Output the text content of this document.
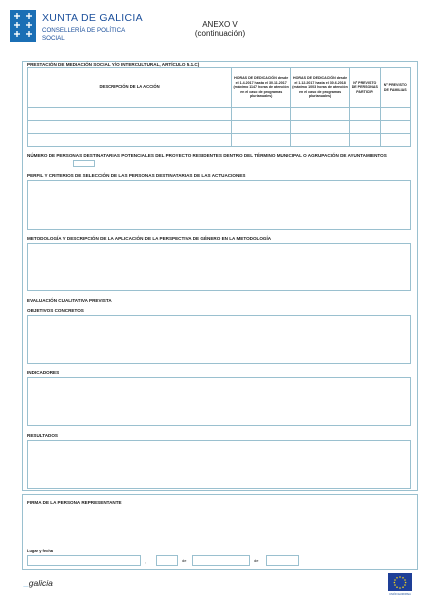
XUNTA DE GALICIA
CONSELLERÍA DE POLÍTICA
SOCIAL
ANEXO V
(continuación)
PRESTACIÓN DE MEDIACIÓN SOCIAL Y/O INTERCULTURAL, ARTÍCULO 5.1.C)
DESCRIPCIÓN DE LA ACCIÓN	HORAS DE DEDICACIÓN desde el 1.4.2017 hasta el 30.11.2017 (máximo 1147 horas de atención en el caso de programas plurianuales)	HORAS DE DEDICACIÓN desde el 1.12.2017 hasta el 30.6.2018 (máximo 1003 horas de atención en el caso de programas plurianuales)	Nº PREVISTO DE PERSONAS PARTICIP.	Nº PREVISTO DE FAMILIAS

NÚMERO DE PERSONAS DESTINATARIAS POTENCIALES DEL PROYECTO RESIDENTES DENTRO DEL TÉRMINO MUNICIPAL O AGRUPACIÓN DE AYUNTAMIENTOS
PERFIL Y CRITERIOS DE SELECCIÓN DE LAS PERSONAS DESTINATARIAS DE LAS ACTUACIONES
METODOLOGÍA Y DESCRIPCIÓN DE LA APLICACIÓN DE LA PERSPECTIVA DE GÉNERO EN LA METODOLOGÍA
EVALUACIÓN CUALITATIVA PREVISTA
OBJETIVOS CONCRETOS
INDICADORES
RESULTADOS
FIRMA DE LA PERSONA REPRESENTANTE
Lugar y fecha
,	de	de
_galicia
UNIÓN EUROPEA
